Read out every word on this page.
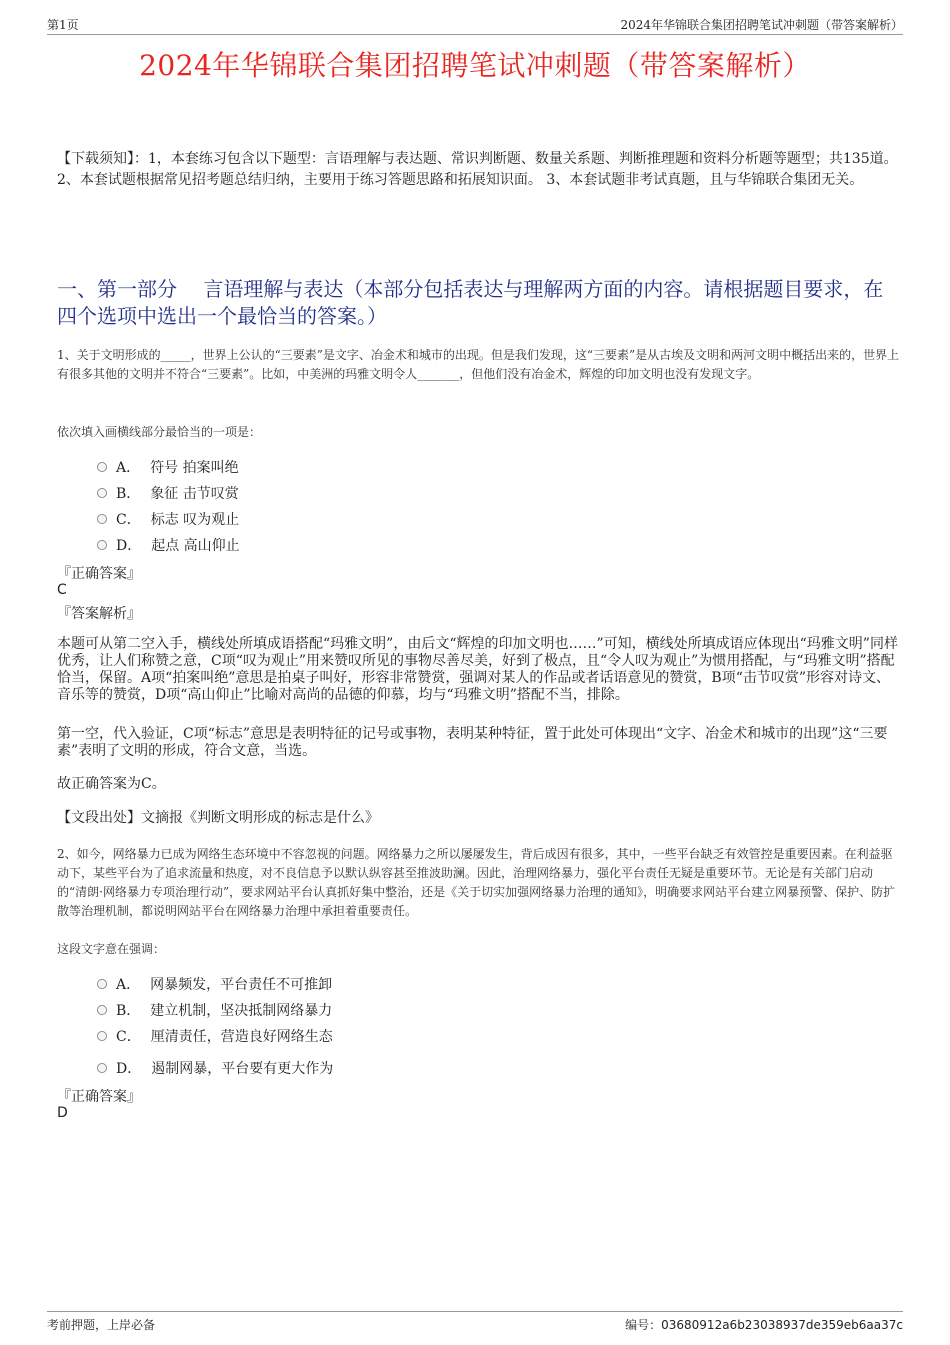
第1页	2024年华锦联合集团招聘笔试冲刺题（带答案解析）
2024年华锦联合集团招聘笔试冲刺题（带答案解析）
【下载须知】：1，本套练习包含以下题型：言语理解与表达题、常识判断题、数量关系题、判断推理题和资料分析题等题型；共135道。 2、本套试题根据常见招考题总结归纳，主要用于练习答题思路和拓展知识面。 3、本套试题非考试真题，且与华锦联合集团无关。
一、第一部分　 言语理解与表达（本部分包括表达与理解两方面的内容。请根据题目要求，在四个选项中选出一个最恰当的答案。）
1、关于文明形成的_____，世界上公认的“三要素”是文字、冶金术和城市的出现。但是我们发现，这“三要素”是从古埃及文明和两河文明中概括出来的，世界上有很多其他的文明并不符合“三要素”。比如，中美洲的玛雅文明令人_______，但他们没有冶金术，辉煌的印加文明也没有发现文字。
依次填入画横线部分最恰当的一项是：
A． 符号 拍案叫绝
B． 象征 击节叹赏
C． 标志 叹为观止
D． 起点 高山仰止
『正确答案』
C
『答案解析』
本题可从第二空入手，横线处所填成语搭配“玛雅文明”，由后文“辉煌的印加文明也……”可知，横线处所填成语应体现出“玛雅文明”同样优秀，让人们称赞之意，C项“叹为观止”用来赞叹所见的事物尽善尽美，好到了极点，且“令人叹为观止”为惯用搭配，与“玛雅文明”搭配恰当，保留。A项“拍案叫绝”意思是拍桌子叫好，形容非常赞赏，强调对某人的作品或者话语意见的赞赏，B项“击节叹赏”形容对诗文、音乐等的赞赏，D项“高山仰止”比喻对高尚的品德的仰慕，均与“玛雅文明”搭配不当，排除。
第一空，代入验证，C项“标志”意思是表明特征的记号或事物，表明某种特征，置于此处可体现出“文字、冶金术和城市的出现”这“三要素”表明了文明的形成，符合文意，当选。
故正确答案为C。
【文段出处】文摘报《判断文明形成的标志是什么》
2、如今，网络暴力已成为网络生态环境中不容忽视的问题。网络暴力之所以屡屡发生，背后成因有很多，其中，一些平台缺乏有效管控是重要因素。在利益驱动下，某些平台为了追求流量和热度，对不良信息予以默认纵容甚至推波助澜。因此，治理网络暴力，强化平台责任无疑是重要环节。无论是有关部门启动的“清朗·网络暴力专项治理行动”，要求网站平台认真抓好集中整治，还是《关于切实加强网络暴力治理的通知》，明确要求网站平台建立网暴预警、保护、防扩散等治理机制，都说明网站平台在网络暴力治理中承担着重要责任。
这段文字意在强调：
A． 网暴频发，平台责任不可推卸
B． 建立机制，坚决抵制网络暴力
C． 厘清责任，营造良好网络生态
D． 遏制网暴，平台要有更大作为
『正确答案』
D
考前押题，上岸必备	编号：03680912a6b23038937de359eb6aa37c
